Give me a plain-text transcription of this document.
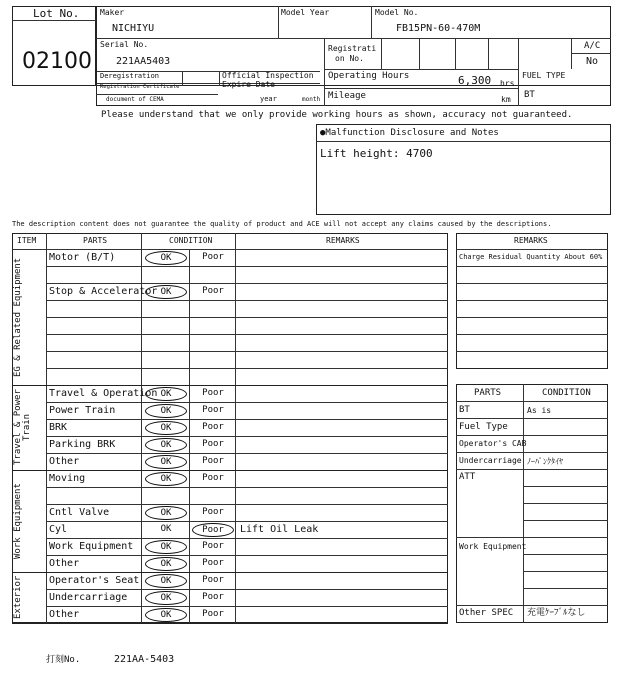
Lot No.
02100
Maker
NICHIYU
Model Year	Model No.
FB15PN-60-470M
Serial No.
221AA5403
Registrati
on No.
A/C
No
Deregistration
Registration Certificate
document of CEMA
Official Inspection
Expire Date
year	month
Operating Hours	6,300 hrs
Mileage	km
FUEL TYPE
BT
Please understand that we only provide working hours as shown, accuracy not guaranteed.
●Malfunction Disclosure and Notes
Lift height: 4700
The description content does not guarantee the quality of product and ACE will not accept any claims caused by the descriptions.
ITEM	PARTS	CONDITION	REMARKS
Motor (B/T)	OK	Poor
Stop & Accelerator OK	Poor
EG & Related Equipment
Travel & Operation OK	Poor
Power Train	OK	Poor
BRK	OK	Poor
Parking BRK	OK	Poor
Other	OK	Poor
Travel & Power Train
Moving	OK	Poor
Cntl Valve	OK	Poor
Cyl	OK	Poor	Lift Oil Leak
Work Equipment	OK	Poor
Other	OK	Poor
Work Equipment
Operator's Seat	OK	Poor
Undercarriage	OK	Poor
Other	OK	Poor
Exterior
REMARKS
Charge Residual Quantity About 60%
PARTS	CONDITION
BT	As is
Fuel Type
Operator's CAB
Undercarriage ﾉｰﾊﾟﾝｸﾀｲﾔ
ATT
Work Equipment
Other SPEC 充電ｹｰﾌﾞﾙなし
打刻No.	221AA-5403
